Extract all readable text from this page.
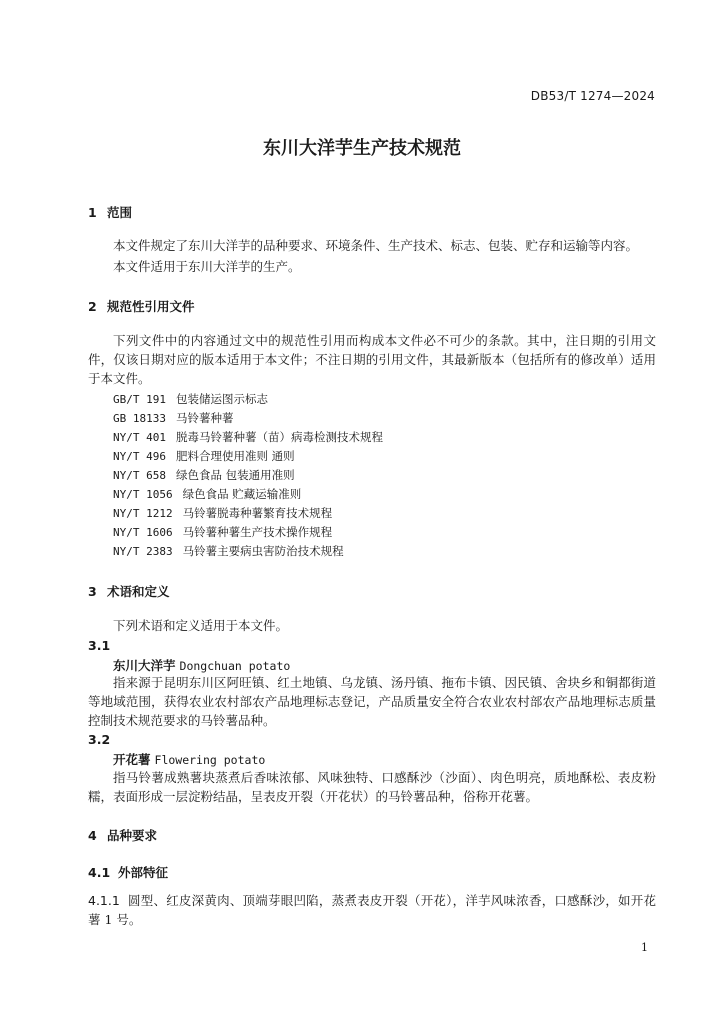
DB53/T 1274—2024
东川大洋芋生产技术规范
1 范围
本文件规定了东川大洋芋的品种要求、环境条件、生产技术、标志、包装、贮存和运输等内容。
本文件适用于东川大洋芋的生产。
2 规范性引用文件
下列文件中的内容通过文中的规范性引用而构成本文件必不可少的条款。其中，注日期的引用文件，仅该日期对应的版本适用于本文件；不注日期的引用文件，其最新版本（包括所有的修改单）适用于本文件。
GB/T 191 包装储运图示标志
GB 18133 马铃薯种薯
NY/T 401 脱毒马铃薯种薯（苗）病毒检测技术规程
NY/T 496 肥料合理使用准则 通则
NY/T 658 绿色食品 包装通用准则
NY/T 1056 绿色食品 贮藏运输准则
NY/T 1212 马铃薯脱毒种薯繁育技术规程
NY/T 1606 马铃薯种薯生产技术操作规程
NY/T 2383 马铃薯主要病虫害防治技术规程
3 术语和定义
下列术语和定义适用于本文件。
3.1
东川大洋芋 Dongchuan potato
指来源于昆明东川区阿旺镇、红土地镇、乌龙镇、汤丹镇、拖布卡镇、因民镇、舍块乡和铜都街道等地域范围，获得农业农村部农产品地理标志登记，产品质量安全符合农业农村部农产品地理标志质量控制技术规范要求的马铃薯品种。
3.2
开花薯 Flowering potato
指马铃薯成熟薯块蒸煮后香味浓郁、风味独特、口感酥沙（沙面）、肉色明亮，质地酥松、表皮粉糯，表面形成一层淀粉结晶，呈表皮开裂（开花状）的马铃薯品种，俗称开花薯。
4 品种要求
4.1 外部特征
4.1.1 圆型、红皮深黄肉、顶端芽眼凹陷，蒸煮表皮开裂（开花），洋芋风味浓香，口感酥沙，如开花薯 1 号。
1
